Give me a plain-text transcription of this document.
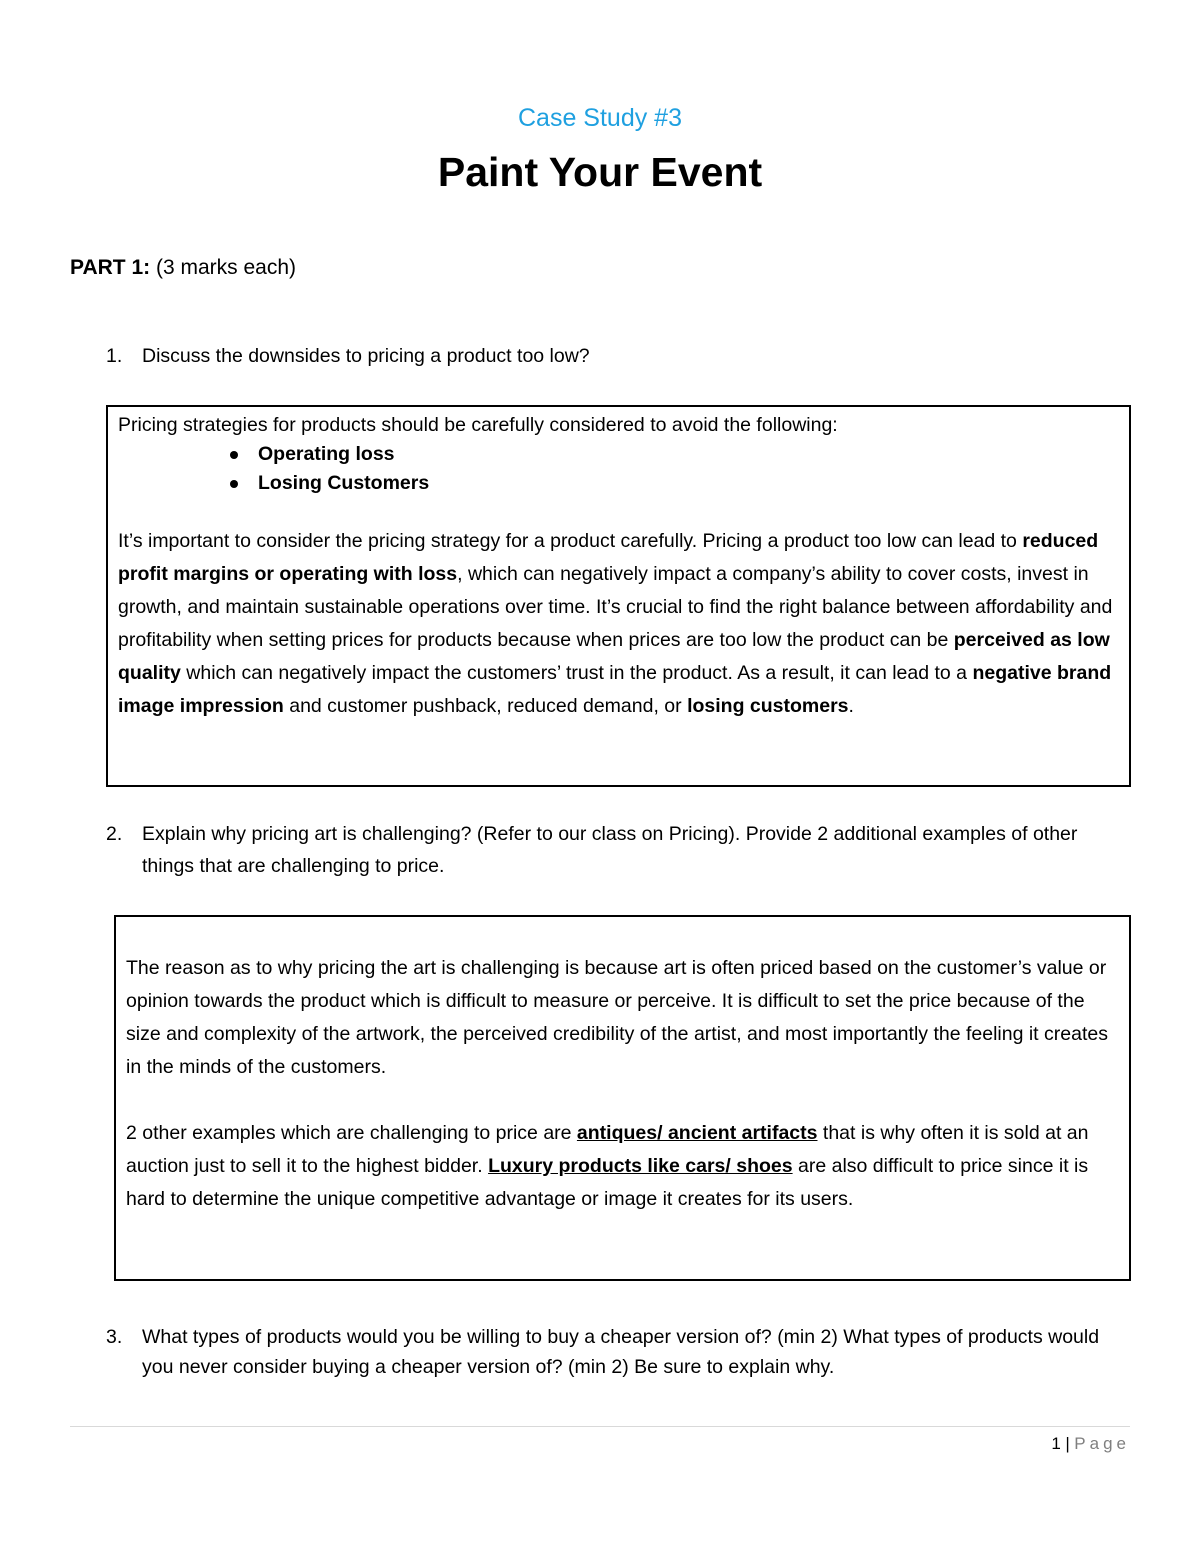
Case Study #3
Paint Your Event
PART 1: (3 marks each)
1. Discuss the downsides to pricing a product too low?

Pricing strategies for products should be carefully considered to avoid the following:

Operating loss
Losing Customers

It’s important to consider the pricing strategy for a product carefully. Pricing a product too low can lead to reduced profit margins or operating with loss, which can negatively impact a company’s ability to cover costs, invest in growth, and maintain sustainable operations over time. It’s crucial to find the right balance between affordability and profitability when setting prices for products because when prices are too low the product can be perceived as low quality which can negatively impact the customers’ trust in the product. As a result, it can lead to a negative brand image impression and customer pushback, reduced demand, or losing customers.

2. Explain why pricing art is challenging? (Refer to our class on Pricing). Provide 2 additional examples of other things that are challenging to price.

The reason as to why pricing the art is challenging is because art is often priced based on the customer’s value or opinion towards the product which is difficult to measure or perceive. It is difficult to set the price because of the size and complexity of the artwork, the perceived credibility of the artist, and most importantly the feeling it creates in the minds of the customers.

2 other examples which are challenging to price are antiques/ ancient artifacts that is why often it is sold at an auction just to sell it to the highest bidder. Luxury products like cars/ shoes are also difficult to price since it is hard to determine the unique competitive advantage or image it creates for its users.

3. What types of products would you be willing to buy a cheaper version of? (min 2) What types of products would you never consider buying a cheaper version of? (min 2) Be sure to explain why.
1 | Page
